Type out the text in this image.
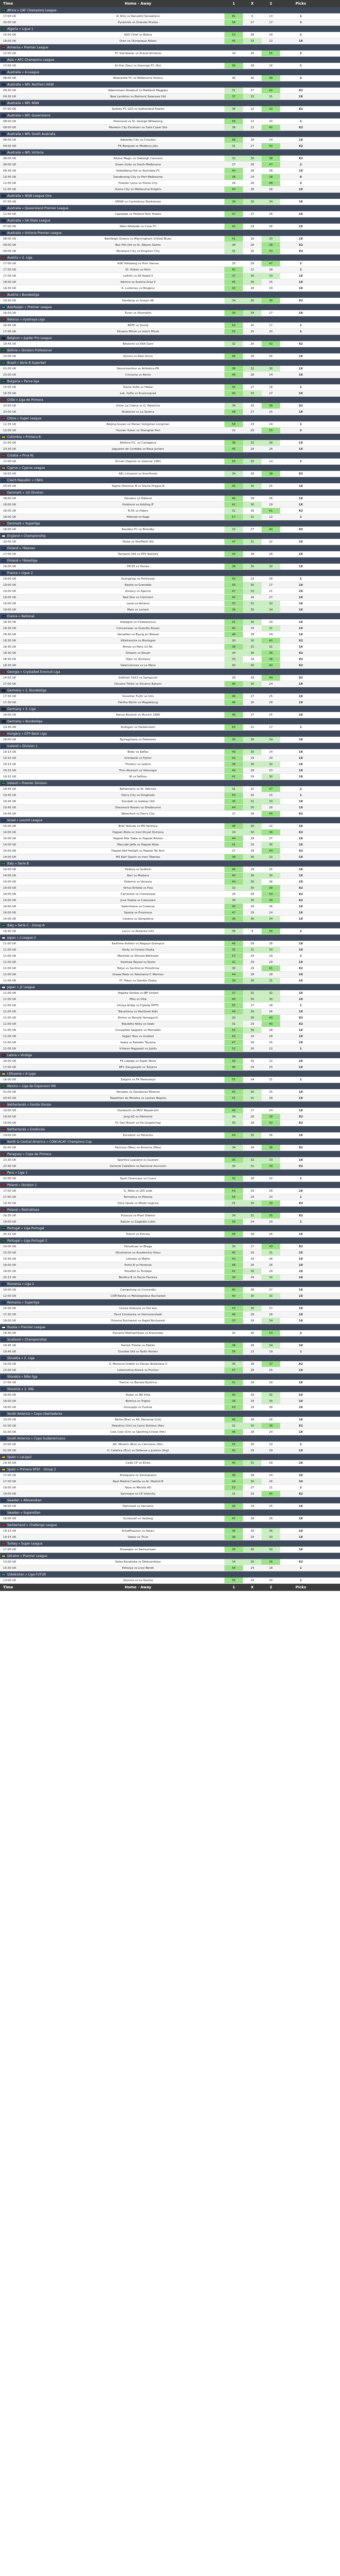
Time	Home - Away	1	X	2	Picks
Africa » CAF Champions League
17:00 UK	Al Ahly vs Ranvelld Sensations	81	6	13	1
20:00 UK	Pyramids vs Orlando Pirates	56	27	17	1
Algeria » Ligue 1
15:00 UK	ASO Chlef vs Biskra	53	28	19	1
18:00 UK	Oran vs Olympique Akbou	45	33	22	1X
Armenia » Premier League
12:00 UK	FC Gandzasar vs Ararat-Armenia	19	26	55	2
Asia » AFC Champions League
17:00 UK	Al Ittai (Sau) vs Dasongo FC (Eo)	56	28	16	1
Australia » A-League
08:00 UK	Newcastle FC vs Melbourne Victory	26	26	48	2
Australia » NPL Northern NSW
09:30 UK	Adamstown Rosebud vs Maitland Magpies	31	27	42	X2
09:30 UK	New Lambton vs Belmont Swansea Utd	37	32	31	1X
Australia » NPL NSW
07:00 UK	Sydney FC U23 vs Sutherland Sharks	36	22	42	X2
Australia » NPL Queensland
08:00 UK	Peninsula vs St. George Willawong	58	22	20	1
09:00 UK	Moreton City Excelsior vs Gold Coast Utd	38	22	40	X2
Australia » NPL South Australia
08:00 UK	Adelaide City vs Croydon	48	28	24	1X
09:00 UK	FK Beograd vs Modbury Jets	31	27	42	X2
Australia » NPL Victoria
08:00 UK	Altona Magic vs Oakleigh Cannons	32	30	38	X2
09:00 UK	Green Gully vs South Melbourne	27	26	47	2
09:30 UK	Heidelberg Utd vs Avondale FC	44	28	28	1X
10:45 UK	Dandenong City vs Port Melbourne	38	24	38	X
11:00 UK	Preston Lions vs Hume City	26	26	48	2
11:00 UK	Hume City vs Melbourne Knights	44	28	28	1X
Australia » NSW League One
07:00 UK	UNSW vs Canterbury Bankstown	36	30	34	1X
Australia » Queensland Premier League
11:00 UK	Capalaba vs Holland Park Hawks	47	27	26	1X
Australia » SA State League
07:00 UK	West Adelaide vs Cove FC	45	29	26	1X
Australia » Victoria Premier League
08:00 UK	Bentleigh Greens vs Manningham United Blues	41	26	33	1X
09:00 UK	Box Hill Utd vs St. Albans Saints	34	28	38	X2
09:00 UK	Moreland City vs Kingston City	31	26	43	X2
Austria » 2. Liga
17:00 UK	ASK Voitsberg vs First Vienna	25	28	47	2
17:00 UK	St. Polten vs Horn	60	22	18	1
17:00 UK	Lafnitz vs SK Rapid II	37	30	33	1X
18:00 UK	Admira vs Austria Graz II	45	30	25	1X
19:30 UK	A. Lustenau vs Bregenz	43	28	29	1X
Austria » Bundesliga
19:30 UK	Hartberg vs Grazer AK	34	30	36	X2
Azerbaijan » Premier League
16:00 UK	Turan vs Shamakhi	39	34	27	1X
Belarus » Vysshaya Liga
16:45 UK	BATE vs Slutsk	63	20	17	1
17:00 UK	Dinamo Minsk vs Isloch Minsk	55	25	20	1
Belgium » Jupiler Pro League
19:45 UK	Westerlo vs KAA Gent	32	26	42	X2
Bolivia » Division Profesional
23:00 UK	Aurora vs Real Oruro	46	28	26	1X
Brazil » Serie B Superbet
01:00 UK	Novorizontino vs Athletico-PR	38	32	30	1X
23:00 UK	Criciuma vs Remo	48	28	24	1X
Bulgaria » Parva liga
15:00 UK	Slavia Sofia vs Hebar	55	27	18	1
16:30 UK	Lok. Sofia vs Krumovgrad	40	33	27	1X
Chile » Liga de Primera
23:00 UK	Union La Calera vs D. Palestino	34	28	38	X2
23:00 UK	Nublense vs La Serena	48	27	25	1X
China » Super League
11:35 UK	Beijing Guoan vs Henan Songshan Longmen	58	23	19	1
12:00 UK	Yunnan Yukun vs Shanghai Port	22	25	53	2
Colombia » Primera B
21:00 UK	Atletico F.C. vs Cartagena	38	32	30	1X
23:30 UK	Jaguares de Cordoba vs Boca Juniors	45	29	26	1X
Croatia » Prva HL
13:00 UK	Zrinski Osjecko vs Vukovar 1991	56	30	14	1
Cyprus » Cyprus League
16:00 UK	AEL Limassol vs Anorthosis	34	28	38	X2
Czech Republic » CNHL
15:00 UK	Sigma Olomouc B vs Slavia Prague B	45	30	25	1X
Denmark » 1st Division
18:00 UK	Horsens vs Hillerod	46	28	26	1X
18:00 UK	Hvidovre vs Kolding IF	41	30	29	1X
18:00 UK	B.93 vs Hobro	31	28	41	X2
18:00 UK	Hillerod vs Koge	57	31	12	1
Denmark » Superliga
18:00 UK	Randers FC vs Brondby	33	27	40	X2
England » Championship
20:00 UK	Stoke vs Sheffield Utd	47	31	22	1X
Finland » Ykkonen
17:00 UK	Tampere Utd vs KPV Kokkola	44	28	28	1X
Finland » Ykkosliiga
16:00 UK	PK-35 vs Honka	38	30	32	1X
France » Ligue 2
19:00 UK	Guingamp vs Pontivyee	59	23	18	1
19:00 UK	Bastia vs Grenoble	43	30	27	1X
19:00 UK	Annecy vs Ajaccio	47	32	21	1X
19:00 UK	Red Star vs Clermont	45	28	27	1X
19:00 UK	Laval vs Amiens	37	31	32	1X
19:00 UK	Metz vs Lorient	36	30	34	1X
France » National
18:30 UK	Aubagne vs Chateauroux	41	30	29	1X
18:30 UK	Concarneau vs Quevilly Rouen	40	29	31	1X
18:30 UK	Versailles vs Bourg en Bresse	48	28	24	1X
18:30 UK	Villefranche vs Boulogne	30	30	40	X2
18:30 UK	Nimes vs Paris 13 Atl.	38	31	31	1X
18:30 UK	Orleans vs Rouen	34	30	36	X2
18:30 UK	Dijon vs Sochaux	33	29	38	X2
18:30 UK	Valenciennes vs Le Mans	30	30	40	X2
Georgia » Crystalbet Erovnuli Liga
14:00 UK	Kolkheti 1913 vs Samgurali	28	28	44	X2
17:00 UK	Dinamo Tbilisi vs Dinamo Batumi	46	30	24	1X
Germany » 2. Bundesliga
17:30 UK	Greuther Furth vs Ulm	48	27	25	1X
17:30 UK	Hertha Berlin vs Magdeburg	46	26	28	1X
Germany » 3. Liga
18:00 UK	Hansa Rostock vs Munich 1860	48	27	25	1X
Germany » Bundesliga
19:30 UK	Stuttgart vs Heidenheim	62	21	17	1
Hungary » OTP Bank Liga
18:00 UK	Nyiregyhaza vs Debrecen	36	30	34	1X
Iceland » Division 1
19:15 UK	Bisky vs Keflav	46	30	24	1X
19:15 UK	Grindavik vs Fjolnir	42	29	29	1X
19:15 UK	Throttur vs Leiknir	38	30	32	1X
19:15 UK	Thor Akureyri vs Volsungur	49	28	23	1X
19:15 UK	IR vs Selfoss	41	29	30	1X
Ireland » Premier Division
19:45 UK	Bohemians vs St. Patricks	31	22	47	2
19:45 UK	Derry City vs Drogheda	59	26	15	1
19:45 UK	Dundalk vs Galway Utd	36	31	33	1X
19:45 UK	Shamrock Rovers vs Shelbourne	44	30	26	1X
19:45 UK	Waterford vs Derry City	27	28	45	X2
Israel » Leumit League
14:00 UK	Bnei Yehuda vs MS Herzliya	48	30	22	1X
14:00 UK	Hapoel Afula vs Ironi Kiryat Shmona	34	30	36	X2
14:00 UK	Hapoel Kfar Saba vs Hapoel Rishon	44	29	27	1X
14:00 UK	Maccabi Jaffa vs Hapoel Akko	41	29	30	1X
14:00 UK	Hapoel Nof HaGalil vs Hapoel Tel Aviv	27	29	44	X2
14:00 UK	MS Kafr Qasim vs Ironi Tiberias	38	30	32	1X
Italy » Serie B
14:00 UK	Padova vs Sudtirol	46	29	25	1X
14:00 UK	Bari vs Modena	40	30	30	1X
14:00 UK	Palermo vs Venezia	44	30	26	1X
14:00 UK	Virtus Entella vs Pisa	32	30	38	X2
14:00 UK	Carrarese vs Cremonese	29	28	43	X2
14:00 UK	Juve Stabia vs Catanzaro	34	30	36	X2
14:00 UK	Salernitana vs Cosenza	45	29	26	1X
14:00 UK	Spezia vs Frosinone	47	29	24	1X
14:00 UK	Cesena vs Sampdoria	36	30	34	1X
Italy » Serie C - Group A
19:30 UK	Lecco vs Atalanta U23	36	8	56	2
Japan » J League 2
11:00 UK	Kashima Antlers vs Nagoya Grampus	46	28	26	1X
11:00 UK	Verdy vs Cerezo Osaka	35	31	34	1X
11:00 UK	Machida vs Shonan Bellmare	57	24	19	1
11:00 UK	Kashiwa Reysol vs Kyoto	42	29	29	1X
11:00 UK	Tokyo vs Sanfrecce Hiroshima	30	29	41	X2
11:00 UK	Urawa Reds vs Yokohama F. Marinos	44	28	28	1X
11:00 UK	FC Tokyo vs Gamba Osaka	39	30	31	1X
Japan » J2 League
11:00 UK	Vegalta Sendai vs JEF United	37	31	32	1X
11:00 UK	Mito vs Oita	40	30	30	1X
11:00 UK	Omiya Ardija vs Fujieda MYFC	55	27	18	1
11:00 UK	Tokushima vs Ventforet Kofu	44	30	26	1X
11:00 UK	Ehime vs Renofa Yamaguchi	30	30	40	X2
11:00 UK	Blaublitz Akita vs Iwaki	31	29	40	X2
11:00 UK	Consadole Sapporo vs Montedio	42	30	28	1X
11:00 UK	Sagan Tosu vs Imabari	43	29	28	1X
11:00 UK	Iwata vs Kataller Toyama	47	28	25	1X
11:00 UK	V-Varen Nagasaki vs Jubilo	52	26	22	1
Latvia » Virsliga
16:00 UK	FK Liepaja vs Super Nova	49	29	22	1X
17:00 UK	BFC Daugavpils vs Tukums	46	29	25	1X
Lithuania » A Lyga
16:00 UK	Zalgiris vs FK Panevezys	55	24	21	1
Mexico » Liga de Expansion MX
01:00 UK	Venados vs Zacatecas Mineros	45	30	25	1X
03:00 UK	Tepatitlan de Morelos vs Leones Negros	41	31	28	1X
Netherlands » Eerste Divisie
19:00 UK	Dordrecht vs MVV Maastricht	49	27	24	1X
19:00 UK	Jong AZ vs Helmond	34	28	38	X2
19:00 UK	FC Den Bosch vs De Graafschap	30	28	42	X2
Netherlands » Eredivisie
19:00 UK	Excelsior vs Heracles	44	30	26	1X
North & Central America » CONCACAF Champions Cup
02:00 UK	Pachuca (Mex) vs America (Mex)	34	28	38	X2
Paraguay » Copa de Primera
23:30 UK	Sportivo Luqueno vs Guarani	35	32	33	1X
23:30 UK	General Caballero vs Nacional Asuncion	30	31	39	X2
Peru » Liga 1
22:00 UK	Sport Huancayo vs Cusco	50	28	22	1
Poland » Division 1
17:00 UK	G. Wola vs LKS Lodz	43	29	28	1X
17:00 UK	Termalica vs Polonia	56	24	20	1
19:30 UK	Odra Opole vs Miedz Legnica	31	30	39	X2
Poland » Ekstraklasa
16:30 UK	Puszcza vs Piast Gliwice	34	31	35	X2
19:00 UK	Rakow vs Zaglebie Lubin	56	24	20	1
Portugal » Liga Portugal
20:15 UK	Estoril vs Estrela	46	28	26	1X
Portugal » Liga Portugal 2
14:00 UK	Famalicao vs Braga	30	27	43	X2
15:00 UK	Oliveirense vs Academico Viseu	40	29	31	1X
15:30 UK	Leixoes vs Mafra	43	29	28	1X
16:00 UK	Porto B vs Feirense	48	26	26	1X
18:00 UK	Penafiel vs Tondela	41	30	29	1X
20:15 UK	Benfica B vs Pacos Ferreira	39	29	32	1X
Romania » Liga 2
10:00 UK	Campulung vs Concordia	45	28	27	1X
12:00 UK	CSM Resita vs Metaloglobus Bucharest	40	30	30	1X
Romania » Superliga
14:30 UK	Unirea Slobozia vs Poli Iasi	43	30	27	1X
17:30 UK	Farul Constanta vs Hermannstadt	46	28	26	1X
19:00 UK	Dinamo Bucharest vs Rapid Bucharest	37	29	34	1X
Russia » Premier League
16:30 UK	Dynamo Makhachkala vs Krasnodar	20	26	54	2
Scotland » Championship
19:45 UK	Partick Thistle vs Falkirk	38	28	34	1X
19:45 UK	Dundee Utd vs Raith Rovers	58	23	19	1
Slovakia » 2. Liga
14:00 UK	Z. Moravce-Vrable vs Slovan Bratislava II	35	28	37	X2
15:00 UK	Lokomotiva Kosice vs Puchov	47	28	25	1X
Slovakia » Nike liga
17:00 UK	Trencin vs Banska Bystrica	42	29	29	1X
Slovenia » 2. SNL
16:00 UK	Rudar vs NK Krka	40	29	31	1X
16:00 UK	Bistrica vs Triglav	36	29	35	1X
16:00 UK	Grosuplje vs Fuzinar	43	29	28	1X
South America » Copa Libertadores
23:00 UK	Bahia (Bra) vs Atl. Nacional (Col)	46	28	26	1X
01:00 UK	Palestino (Chi) vs Cerro Porteno (Par)	32	30	38	X2
01:00 UK	Colo Colo (Chi) vs Sporting Cristal (Per)	48	28	24	1X
South America » Copa Sudamericana
23:00 UK	Atl. Mineiro (Bra) vs Cienciano (Per)	55	26	19	1
01:00 UK	U. Catolica (Ecu) vs Defensa y Justicia (Arg)	42	29	29	1X
Spain » LaLiga2
19:30 UK	Cadiz CF vs Elche	40	31	29	1X
Spain » Primera RFEF - Group 2
17:00 UK	Antequera vs Sanluqueno	48	28	24	1X
17:00 UK	Real Madrid Castilla vs At. Madrid B	44	30	26	1X
19:00 UK	Ibiza vs Merida AD	52	27	21	1
19:00 UK	Sanroque vs CE Intercity	31	29	40	X2
Sweden » Allsvenskan
18:00 UK	Halmstad vs Varnamo	46	29	25	1X
Sweden » Superettan
18:00 UK	Sundsvall vs Varberg	45	29	26	1X
Switzerland » Challenge League
19:15 UK	Schaffhausen vs Aarau	36	29	35	1X
19:15 UK	Vaduz vs Thun	38	29	33	1X
Turkey » Super League
17:00 UK	Sivasspor vs Samsunspor	38	30	32	1X
Ukraine » Premier League
13:00 UK	Kolos Kovalivka vs Oleksandriya	34	30	36	X2
15:30 UK	Polissya vs Livyi Bereh	58	24	18	1
Uzbekistan » Liga FUTUR
13:00 UK	Zamina vs Lo Qiosha	56	24	20	1
Time	Home - Away	1	X	2	Picks
